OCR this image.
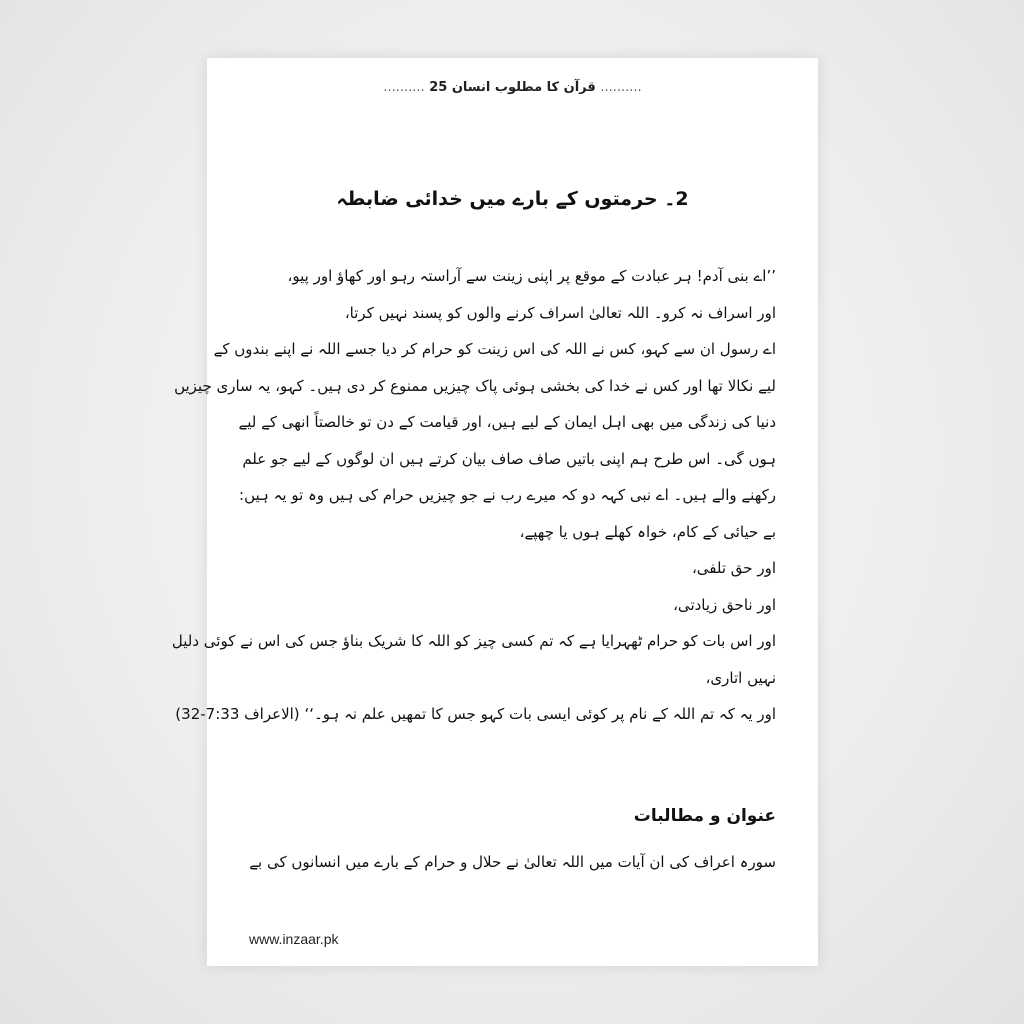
.......... 25 قرآن کا مطلوب انسان ..........
2۔ حرمتوں کے بارے میں خدائی ضابطہ
’’اے بنی آدم! ہر عبادت کے موقع پر اپنی زینت سے آراستہ رہو اور کھاؤ اور پیو،
اور اسراف نہ کرو۔ اللہ تعالیٰ اسراف کرنے والوں کو پسند نہیں کرتا،
اے رسول ان سے کہو، کس نے اللہ کی اس زینت کو حرام کر دیا جسے اللہ نے اپنے بندوں کے
لیے نکالا تھا اور کس نے خدا کی بخشی ہوئی پاک چیزیں ممنوع کر دی ہیں۔ کہو، یہ ساری چیزیں
دنیا کی زندگی میں بھی اہل ایمان کے لیے ہیں، اور قیامت کے دن تو خالصتاً انھی کے لیے
ہوں گی۔ اس طرح ہم اپنی باتیں صاف صاف بیان کرتے ہیں ان لوگوں کے لیے جو علم
رکھنے والے ہیں۔ اے نبی کہہ دو کہ میرے رب نے جو چیزیں حرام کی ہیں وہ تو یہ ہیں:
بے حیائی کے کام، خواہ کھلے ہوں یا چھپے،
اور حق تلفی،
اور ناحق زیادتی،
اور اس بات کو حرام ٹھہرایا ہے کہ تم کسی چیز کو اللہ کا شریک بناؤ جس کی اس نے کوئی دلیل
نہیں اتاری،
اور یہ کہ تم اللہ کے نام پر کوئی ایسی بات کہو جس کا تمھیں علم نہ ہو۔‘‘ (الاعراف 7:33-32)
عنوان و مطالبات
سورہ اعراف کی ان آیات میں اللہ تعالیٰ نے حلال و حرام کے بارے میں انسانوں کی بے
www.inzaar.pk
